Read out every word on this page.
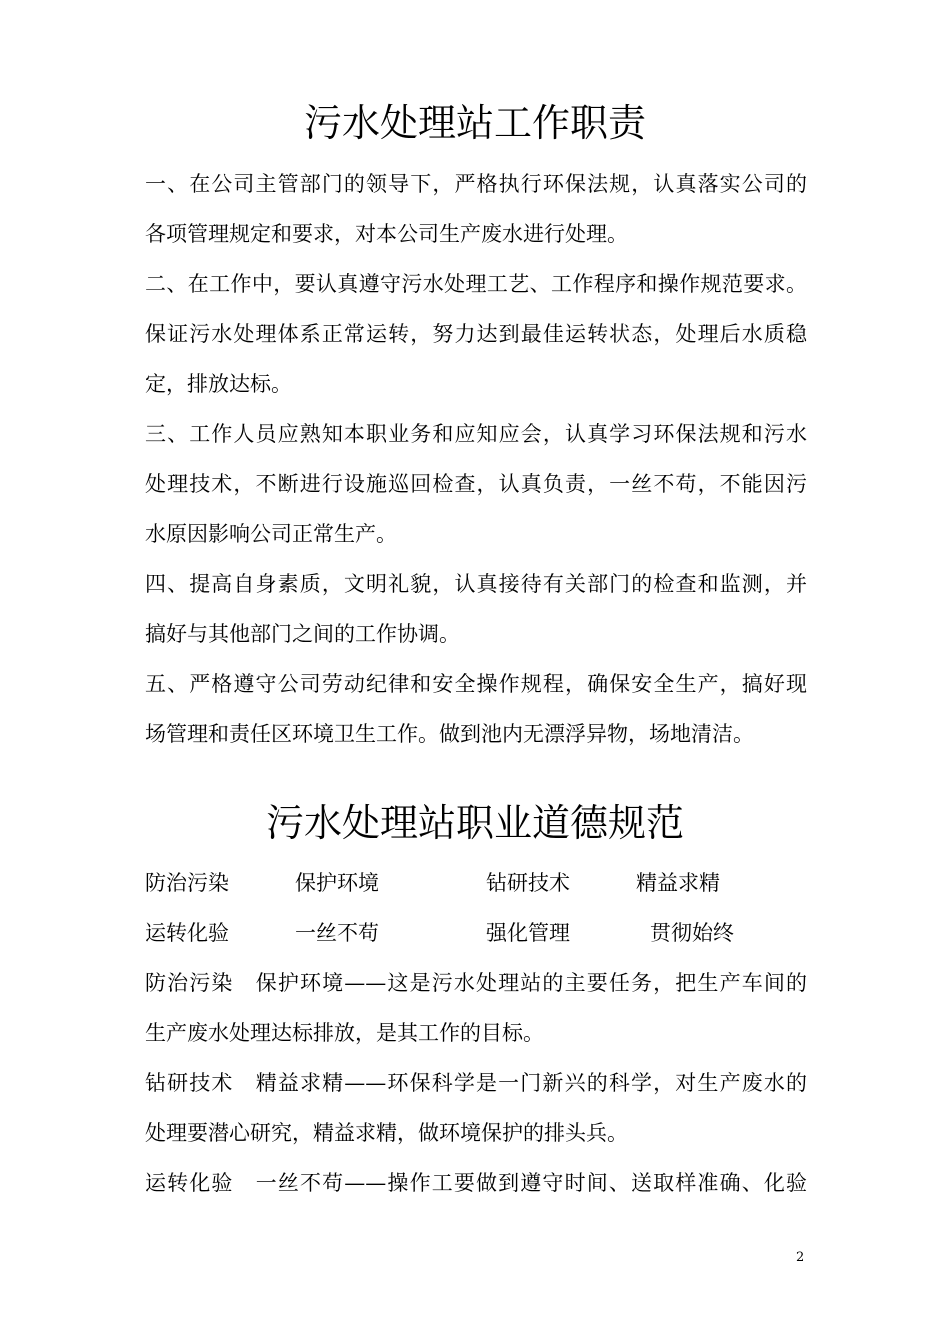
污水处理站工作职责
一、在公司主管部门的领导下，严格执行环保法规，认真落实公司的
各项管理规定和要求，对本公司生产废水进行处理。
二、在工作中，要认真遵守污水处理工艺、工作程序和操作规范要求。
保证污水处理体系正常运转，努力达到最佳运转状态，处理后水质稳
定，排放达标。
三、工作人员应熟知本职业务和应知应会，认真学习环保法规和污水
处理技术，不断进行设施巡回检查，认真负责，一丝不苟，不能因污
水原因影响公司正常生产。
四、提高自身素质，文明礼貌，认真接待有关部门的检查和监测，并
搞好与其他部门之间的工作协调。
五、严格遵守公司劳动纪律和安全操作规程，确保安全生产，搞好现
场管理和责任区环境卫生工作。做到池内无漂浮异物，场地清洁。
污水处理站职业道德规范
防治污染	保护环境	钻研技术	精益求精
运转化验	一丝不苟	强化管理	贯彻始终
防治污染　保护环境——这是污水处理站的主要任务，把生产车间的
生产废水处理达标排放，是其工作的目标。
钻研技术　精益求精——环保科学是一门新兴的科学，对生产废水的
处理要潜心研究，精益求精，做环境保护的排头兵。
运转化验　一丝不苟——操作工要做到遵守时间、送取样准确、化验
2
